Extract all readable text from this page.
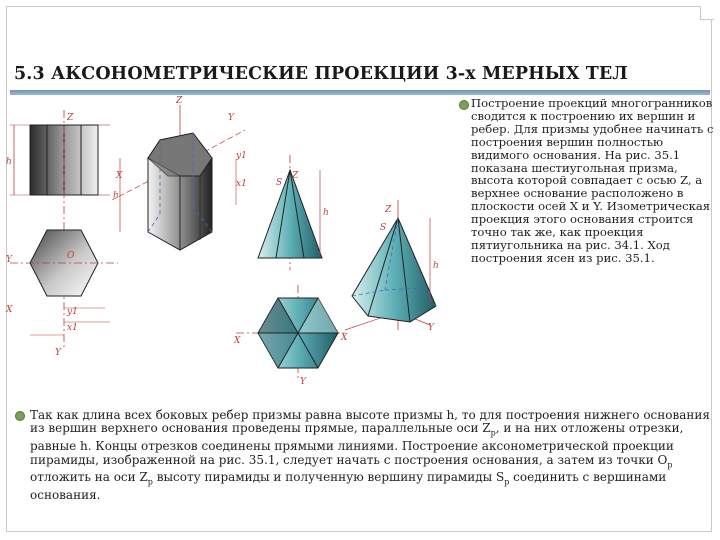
5.3 АКСОНОМЕТРИЧЕСКИЕ ПРОЕКЦИИ 3-х МЕРНЫХ ТЕЛ
Построение проекций многогранников сводится к построению их вершин и ребер. Для призмы удобнее начинать с построения вершин полностью видимого основания. На рис. 35.1 показана шестиугольная призма, высота которой совпадает с осью Z, а верхнее основание расположено в плоскости осей X и Y. Изометрическая проекция этого основания строится точно так же, как проекция пятиугольника на рис. 34.1. Ход построения ясен из рис. 35.1.
Так как длина всех боковых ребер призмы равна высоте призмы h, то для построения нижнего основания из вершин верхнего основания проведены прямые, параллельные оси $Z_p$, и на них отложены отрезки, равные h. Концы отрезков соединены прямыми линиями. Построение аксонометрической проекции пирамиды, изображенной на рис. 35.1, следует начать с построения основания, а затем из точки $O_p$ отложить на оси $Z_p$ высоту пирамиды и полученную вершину пирамиды $S_p$ соединить с вершинами основания.
h
Z
O
Y
y1
x1
X
Y
Z
Y
X
h
y1
x1	S
Z
h
X
Y
Z
S
h
Y
X
